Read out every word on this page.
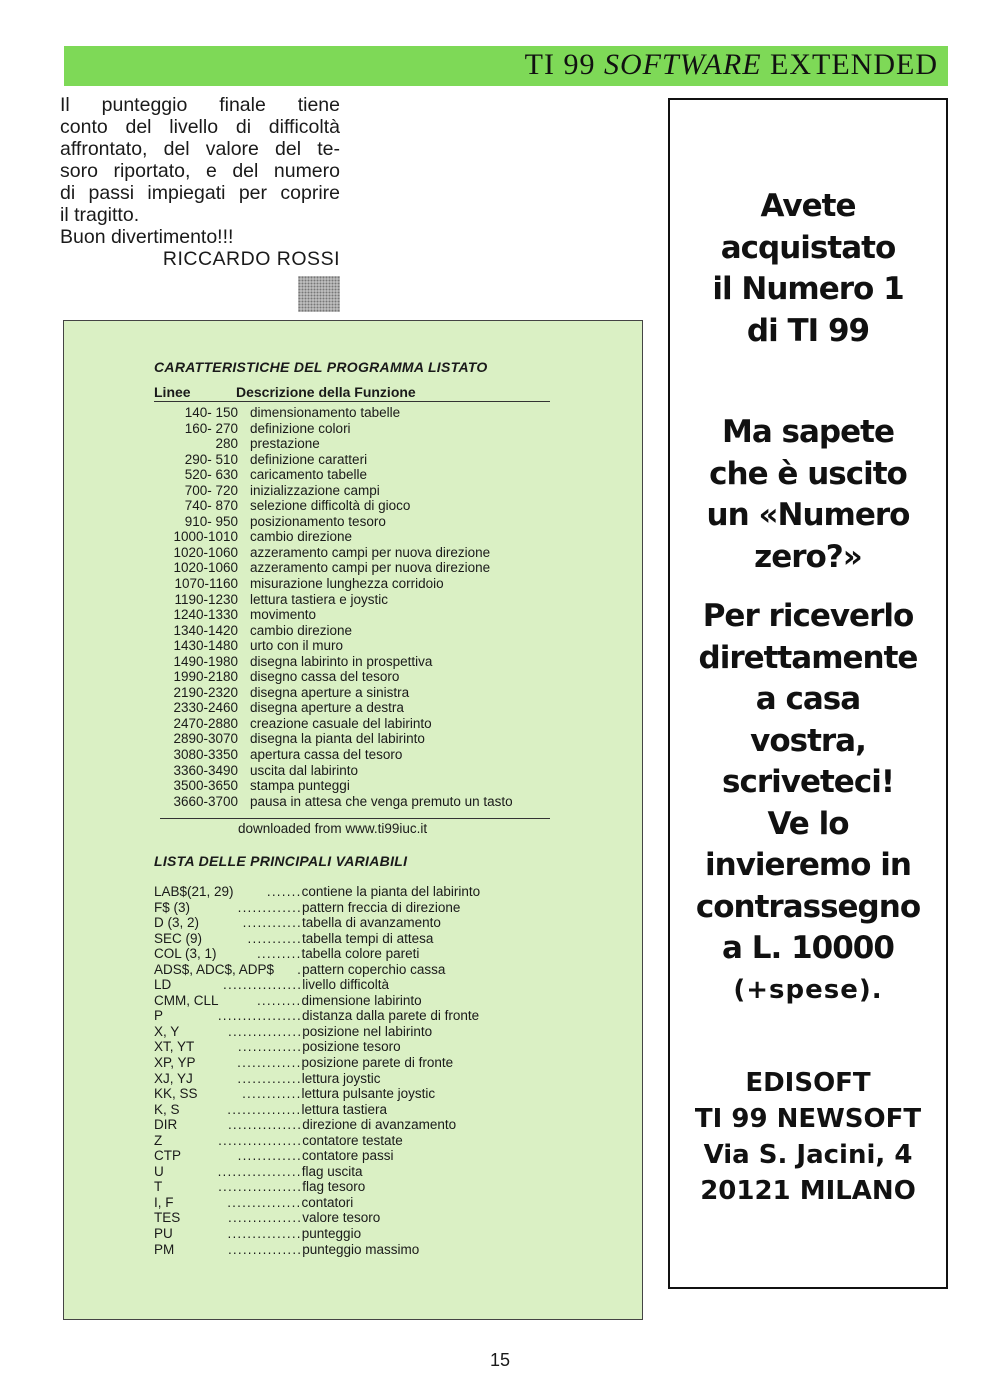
TI 99 SOFTWARE EXTENDED

Il punteggio finale tiene

conto del livello di difficoltà

affrontato, del valore del te-

soro riportato, e del numero

di passi impiegati per coprire

il tragitto.

Buon divertimento!!!

RICCARDO ROSSI

CARATTERISTICHE DEL PROGRAMMA LISTATO
Linee	Descrizione della Funzione
140- 150 dimensionamento tabelle
160- 270 definizione colori
280 prestazione
290- 510 definizione caratteri
520- 630 caricamento tabelle
700- 720 inizializzazione campi
740- 870 selezione difficoltà di gioco
910- 950 posizionamento tesoro
1000-1010 cambio direzione
1020-1060 azzeramento campi per nuova direzione
1020-1060 azzeramento campi per nuova direzione
1070-1160 misurazione lunghezza corridoio
1190-1230 lettura tastiera e joystic
1240-1330 movimento
1340-1420 cambio direzione
1430-1480 urto con il muro
1490-1980 disegna labirinto in prospettiva
1990-2180 disegno cassa del tesoro
2190-2320 disegna aperture a sinistra
2330-2460 disegna aperture a destra
2470-2880 creazione casuale del labirinto
2890-3070 disegna la pianta del labirinto
3080-3350 apertura cassa del tesoro
3360-3490 uscita dal labirinto
3500-3650 stampa punteggi
3660-3700 pausa in attesa che venga premuto un tasto
downloaded from www.ti99iuc.it
LISTA DELLE PRINCIPALI VARIABILI
LAB$(21, 29)	....... contiene la pianta del labirinto
F$ (3)	............. pattern freccia di direzione
D (3, 2)	............ tabella di avanzamento
SEC (9)	........... tabella tempi di attesa
COL (3, 1)	......... tabella colore pareti
ADS$, ADC$, ADP$	. pattern coperchio cassa
LD	................ livello difficoltà
CMM, CLL	......... dimensione labirinto
P	................. distanza dalla parete di fronte
X, Y	............... posizione nel labirinto
XT, YT	............. posizione tesoro
XP, YP	............. posizione parete di fronte
XJ, YJ	............. lettura joystic
KK, SS	............ lettura pulsante joystic
K, S	............... lettura tastiera
DIR	............... direzione di avanzamento
Z	................. contatore testate
CTP	............. contatore passi
U	................. flag uscita
T	................. flag tesoro
I, F	............... contatori
TES	............... valore tesoro
PU	............... punteggio
PM	............... punteggio massimo
Avete
acquistato
il Numero 1
di TI 99
Ma sapete
che è uscito
un «Numero
zero?»
Per riceverlo
direttamente
a casa
vostra,
scriveteci!
Ve lo
invieremo in
contrassegno
a L. 10000
(+spese).
EDISOFT
TI 99 NEWSOFT
Via S. Jacini, 4
20121 MILANO
15
